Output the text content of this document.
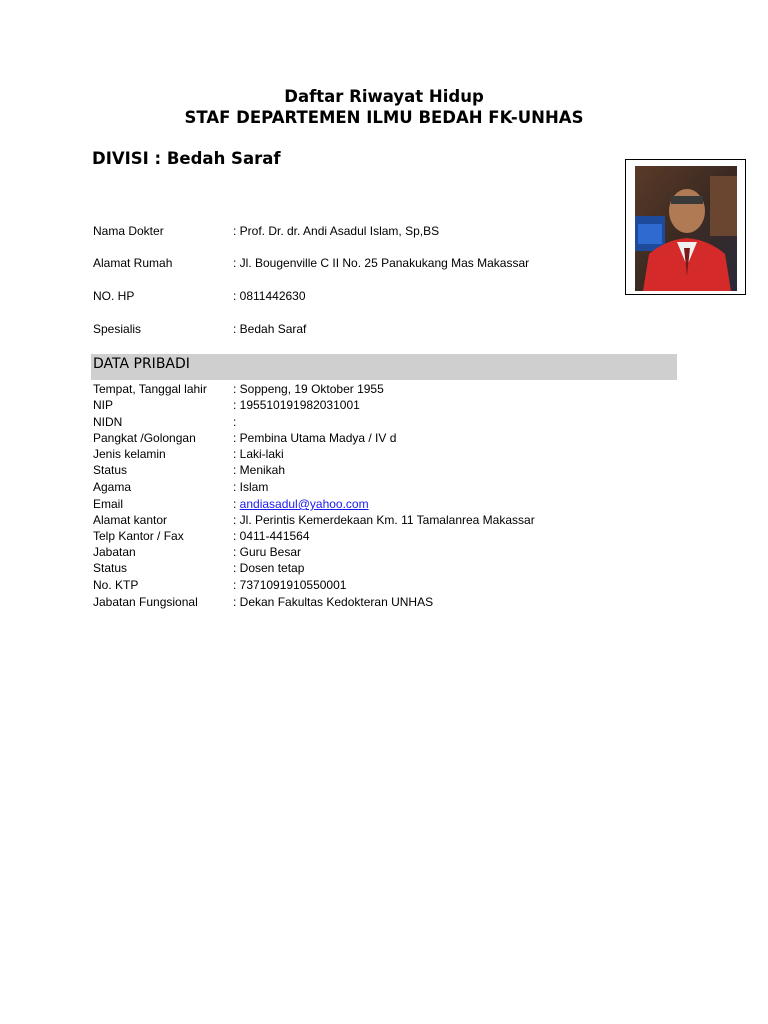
Daftar Riwayat Hidup
STAF DEPARTEMEN ILMU BEDAH FK-UNHAS
DIVISI : Bedah Saraf
Nama Dokter	: Prof. Dr. dr. Andi Asadul Islam, Sp,BS
Alamat Rumah	: Jl. Bougenville C II No. 25 Panakukang Mas Makassar
NO. HP	: 0811442630
Spesialis	: Bedah Saraf
DATA PRIBADI
Tempat, Tanggal lahir : Soppeng, 19 Oktober 1955
NIP	: 195510191982031001
NIDN	:
Pangkat /Golongan	: Pembina Utama Madya / IV d
Jenis kelamin	: Laki-laki
Status	: Menikah
Agama	: Islam
Email	: andiasadul@yahoo.com
Alamat kantor	: Jl. Perintis Kemerdekaan Km. 11 Tamalanrea Makassar
Telp Kantor / Fax	: 0411-441564
Jabatan	: Guru Besar
Status	: Dosen tetap
No. KTP	: 7371091910550001
Jabatan Fungsional	: Dekan Fakultas Kedokteran UNHAS
